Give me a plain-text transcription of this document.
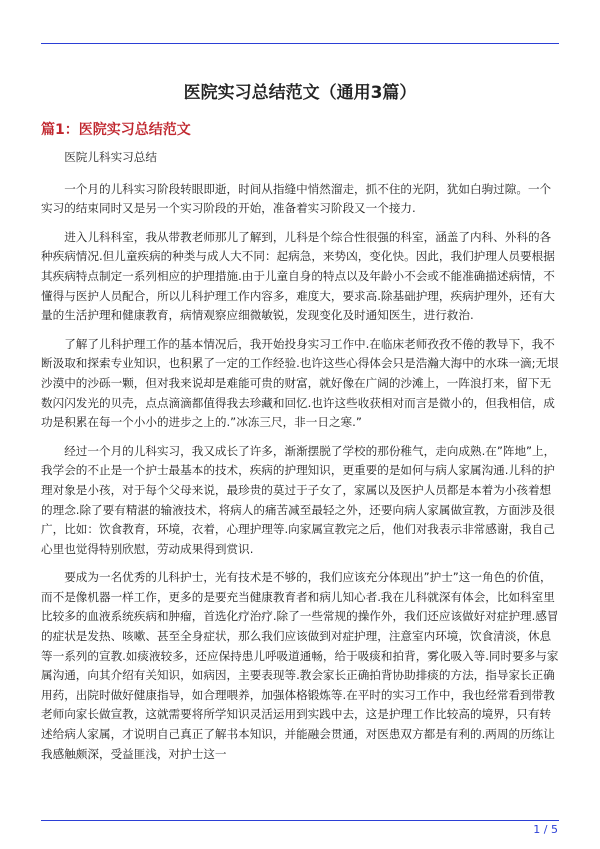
医院实习总结范文（通用3篇）
篇1：医院实习总结范文

医院儿科实习总结

一个月的儿科实习阶段转眼即逝，时间从指缝中悄然溜走，抓不住的光阴，犹如白驹过隙。一个实习的结束同时又是另一个实习阶段的开始，准备着实习阶段又一个接力.

进入儿科科室，我从带教老师那儿了解到，儿科是个综合性很强的科室，涵盖了内科、外科的各种疾病情况.但儿童疾病的种类与成人大不同：起病急，来势凶，变化快。因此，我们护理人员要根据其疾病特点制定一系列相应的护理措施.由于儿童自身的特点以及年龄小不会或不能准确描述病情，不懂得与医护人员配合，所以儿科护理工作内容多，难度大，要求高.除基础护理，疾病护理外，还有大量的生活护理和健康教育，病情观察应细微敏锐，发现变化及时通知医生，进行救治.

了解了儿科护理工作的基本情况后，我开始投身实习工作中.在临床老师孜孜不倦的教导下，我不断汲取和探索专业知识，也积累了一定的工作经验.也许这些心得体会只是浩瀚大海中的水珠一滴;无垠沙漠中的沙砾一颗，但对我来说却是难能可贵的财富，就好像在广阔的沙滩上，一阵浪打来，留下无数闪闪发光的贝壳，点点滴滴都值得我去珍藏和回忆.也许这些收获相对而言是微小的，但我相信，成功是积累在每一个小小的进步之上的.”冰冻三尺，非一日之寒.”

经过一个月的儿科实习，我又成长了许多，渐渐摆脱了学校的那份稚气，走向成熟.在”阵地”上，我学会的不止是一个护士最基本的技术，疾病的护理知识，更重要的是如何与病人家属沟通.儿科的护理对象是小孩，对于每个父母来说，最珍贵的莫过于子女了，家属以及医护人员都是本着为小孩着想的理念.除了要有精湛的输液技术，将病人的痛苦减至最轻之外，还要向病人家属做宣教，方面涉及很广，比如：饮食教育，环境，衣着，心理护理等.向家属宣教完之后，他们对我表示非常感谢，我自己心里也觉得特别欣慰，劳动成果得到赏识.

要成为一名优秀的儿科护士，光有技术是不够的，我们应该充分体现出”护士”这一角色的价值，而不是像机器一样工作，更多的是要充当健康教育者和病儿知心者.我在儿科就深有体会，比如科室里比较多的血液系统疾病和肿瘤，首选化疗治疗.除了一些常规的操作外，我们还应该做好对症护理.感冒的症状是发热、咳嗽、甚至全身症状，那么我们应该做到对症护理，注意室内环境，饮食清淡，休息等一系列的宣教.如痰液较多，还应保持患儿呼吸道通畅，给于吸痰和拍背，雾化吸入等.同时要多与家属沟通，向其介绍有关知识，如病因，主要表现等.教会家长正确拍背协助排痰的方法，指导家长正确用药，出院时做好健康指导，如合理喂养，加强体格锻炼等.在平时的实习工作中，我也经常看到带教老师向家长做宣教，这就需要将所学知识灵活运用到实践中去，这是护理工作比较高的境界，只有转述给病人家属，才说明自己真正了解书本知识，并能融会贯通，对医患双方都是有利的.两周的历练让我感触颇深，受益匪浅，对护士这一

1 / 5
